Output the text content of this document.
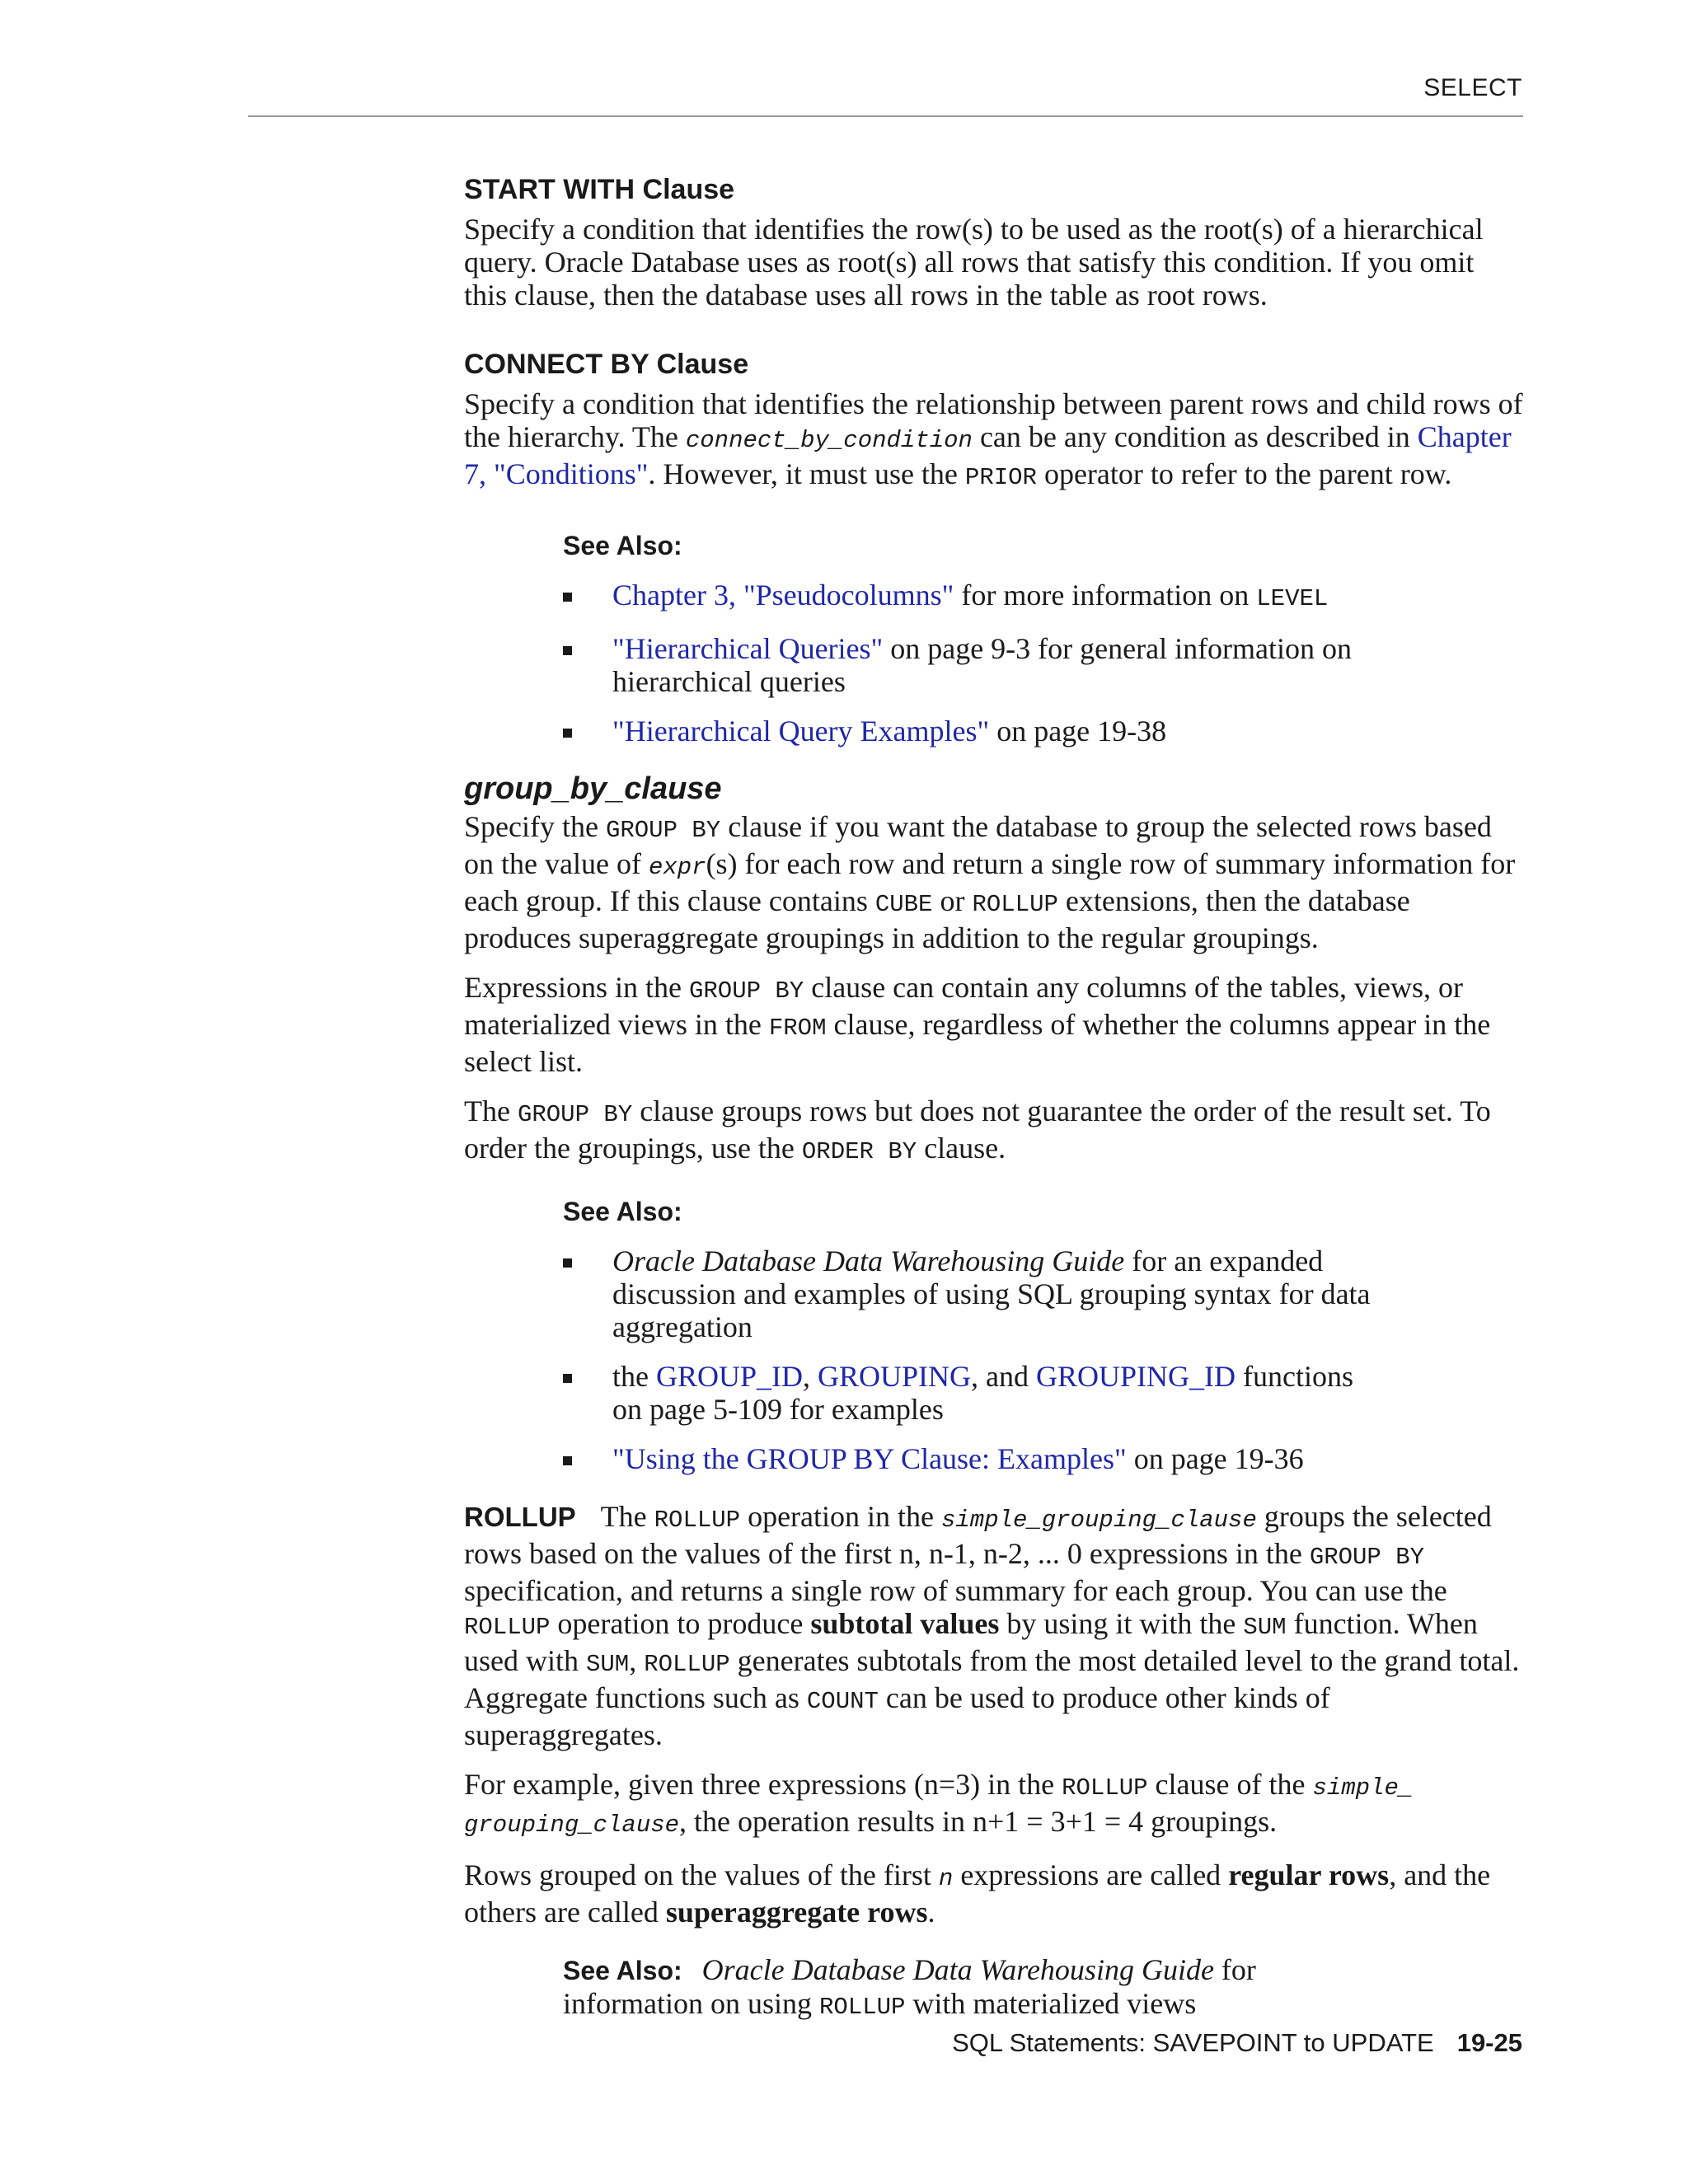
SELECT
START WITH Clause

Specify a condition that identifies the row(s) to be used as the root(s) of a hierarchical query. Oracle Database uses as root(s) all rows that satisfy this condition. If you omit this clause, then the database uses all rows in the table as root rows.

CONNECT BY Clause

Specify a condition that identifies the relationship between parent rows and child rows of the hierarchy. The connect_by_condition can be any condition as described in Chapter 7, "Conditions". However, it must use the PRIOR operator to refer to the parent row.

See Also:
Chapter 3, "Pseudocolumns" for more information on LEVEL
"Hierarchical Queries" on page 9-3 for general information on hierarchical queries
"Hierarchical Query Examples" on page 19-38
group_by_clause

Specify the GROUP BY clause if you want the database to group the selected rows based on the value of expr(s) for each row and return a single row of summary information for each group. If this clause contains CUBE or ROLLUP extensions, then the database produces superaggregate groupings in addition to the regular groupings.

Expressions in the GROUP BY clause can contain any columns of the tables, views, or materialized views in the FROM clause, regardless of whether the columns appear in the select list.

The GROUP BY clause groups rows but does not guarantee the order of the result set. To order the groupings, use the ORDER BY clause.

See Also:
Oracle Database Data Warehousing Guide for an expanded discussion and examples of using SQL grouping syntax for data aggregation
the GROUP_ID, GROUPING, and GROUPING_ID functions on page 5-109 for examples
"Using the GROUP BY Clause: Examples" on page 19-36

ROLLUP The ROLLUP operation in the simple_grouping_clause groups the selected rows based on the values of the first n, n-1, n-2, ... 0 expressions in the GROUP BY specification, and returns a single row of summary for each group. You can use the ROLLUP operation to produce subtotal values by using it with the SUM function. When used with SUM, ROLLUP generates subtotals from the most detailed level to the grand total. Aggregate functions such as COUNT can be used to produce other kinds of superaggregates.

For example, given three expressions (n=3) in the ROLLUP clause of the simple_ grouping_clause, the operation results in n+1 = 3+1 = 4 groupings.

Rows grouped on the values of the first n expressions are called regular rows, and the others are called superaggregate rows.

See Also: Oracle Database Data Warehousing Guide for information on using ROLLUP with materialized views
SQL Statements: SAVEPOINT to UPDATE 19-25
